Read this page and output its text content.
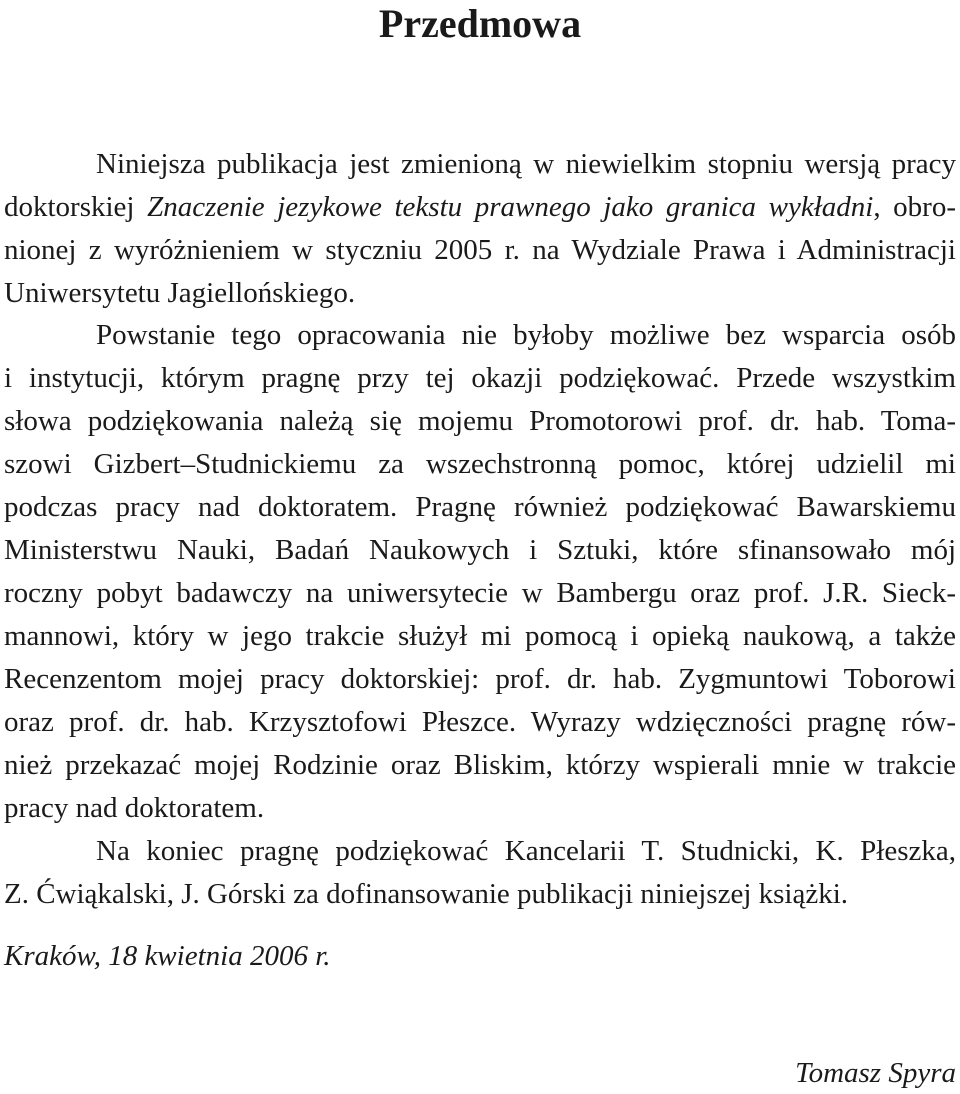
Przedmowa
Niniejsza publikacja jest zmienioną w niewielkim stopniu wersją pracy
doktorskiej Znaczenie jezykowe tekstu prawnego jako granica wykładni, obro-
nionej z wyróżnieniem w styczniu 2005 r. na Wydziale Prawa i Administracji
Uniwersytetu Jagiellońskiego.
Powstanie tego opracowania nie byłoby możliwe bez wsparcia osób
i instytucji, którym pragnę przy tej okazji podziękować. Przede wszystkim
słowa podziękowania należą się mojemu Promotorowi prof. dr. hab. Toma-
szowi Gizbert–Studnickiemu za wszechstronną pomoc, której udzielil mi
podczas pracy nad doktoratem. Pragnę również podziękować Bawarskiemu
Ministerstwu Nauki, Badań Naukowych i Sztuki, które sfinansowało mój
roczny pobyt badawczy na uniwersytecie w Bambergu oraz prof. J.R. Sieck-
mannowi, który w jego trakcie służył mi pomocą i opieką naukową, a także
Recenzentom mojej pracy doktorskiej: prof. dr. hab. Zygmuntowi Toborowi
oraz prof. dr. hab. Krzysztofowi Płeszce. Wyrazy wdzięczności pragnę rów-
nież przekazać mojej Rodzinie oraz Bliskim, którzy wspierali mnie w trakcie
pracy nad doktoratem.
Na koniec pragnę podziękować Kancelarii T. Studnicki, K. Płeszka,
Z. Ćwiąkalski, J. Górski za dofinansowanie publikacji niniejszej książki.
Kraków, 18 kwietnia 2006 r.
Tomasz Spyra
